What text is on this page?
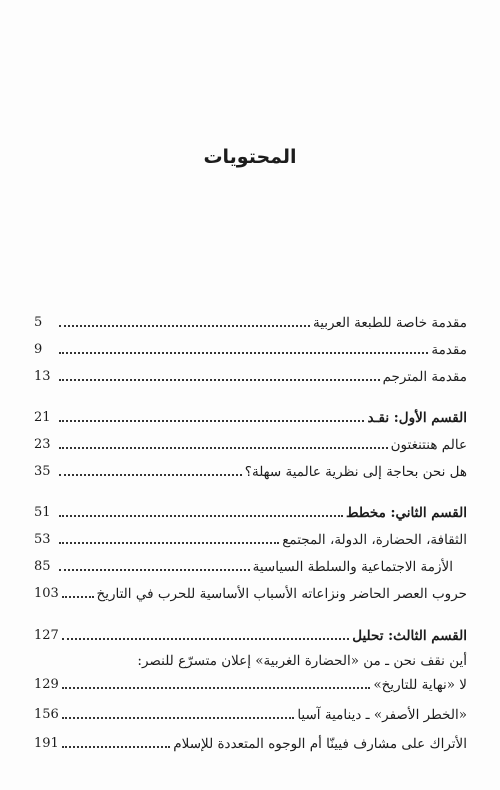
المحتويات
مقدمة خاصة للطبعة العربية
5
مقدمة
9
مقدمة المترجم
13
القسم الأول: نقـد
21
عالم هنتنغتون
23
هل نحن بحاجة إلى نظرية عالمية سهلة؟
35
القسم الثاني: مخطط
51
الثقافة، الحضارة، الدولة، المجتمع
53
الأزمة الاجتماعية والسلطة السياسية
85
حروب العصر الحاضر ونزاعاته الأسباب الأساسية للحرب في التاريخ
103
القسم الثالث: تحليل
127
أين نقف نحن ـ من «الحضارة الغربية» إعلان متسرّع للنصر:
لا «نهاية للتاريخ»
129
«الخطر الأصفر» ـ دينامية آسيا
156
الأتراك على مشارف فيينّا أم الوجوه المتعددة للإسلام
191
